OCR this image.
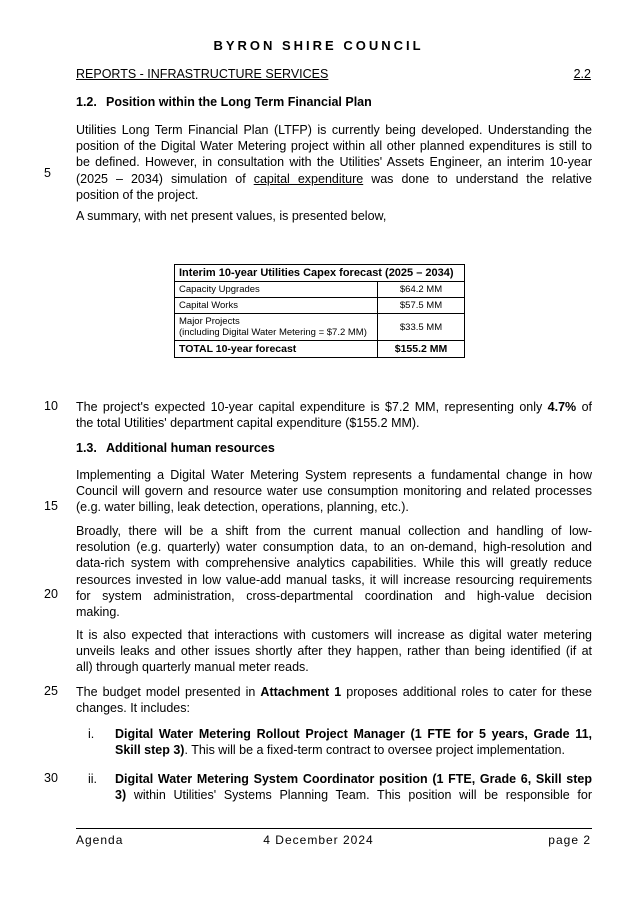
BYRON SHIRE COUNCIL
REPORTS - INFRASTRUCTURE SERVICES	2.2
1.2. Position within the Long Term Financial Plan
Utilities Long Term Financial Plan (LTFP) is currently being developed. Understanding the
position of the Digital Water Metering project within all other planned expenditures is still to
be defined. However, in consultation with the Utilities' Assets Engineer, an interim 10-year
(2025 – 2034) simulation of capital expenditure was done to understand the relative
position of the project.
A summary, with net present values, is presented below,
Interim 10-year Utilities Capex forecast (2025 – 2034)	
Capacity Upgrades	$64.2 MM
Capital Works	$57.5 MM
Major Projects
(including Digital Water Metering = $7.2 MM)	$33.5 MM
TOTAL 10-year forecast	$155.2 MM
The project's expected 10-year capital expenditure is $7.2 MM, representing only 4.7% of
the total Utilities' department capital expenditure ($155.2 MM).
1.3. Additional human resources
Implementing a Digital Water Metering System represents a fundamental change in how
Council will govern and resource water use consumption monitoring and related processes
(e.g. water billing, leak detection, operations, planning, etc.).
Broadly, there will be a shift from the current manual collection and handling of low-
resolution (e.g. quarterly) water consumption data, to an on-demand, high-resolution and
data-rich system with comprehensive analytics capabilities. While this will greatly reduce
resources invested in low value-add manual tasks, it will increase resourcing requirements
for system administration, cross-departmental coordination and high-value decision
making.
It is also expected that interactions with customers will increase as digital water metering
unveils leaks and other issues shortly after they happen, rather than being identified (if at
all) through quarterly manual meter reads.
The budget model presented in Attachment 1 proposes additional roles to cater for these
changes. It includes:
i. Digital Water Metering Rollout Project Manager (1 FTE for 5 years, Grade 11,
Skill step 3). This will be a fixed-term contract to oversee project implementation.
ii. Digital Water Metering System Coordinator position (1 FTE, Grade 6, Skill step
3) within Utilities' Systems Planning Team. This position will be responsible for
5
10
15
20
25
30
Agenda	4 December 2024	page 2
